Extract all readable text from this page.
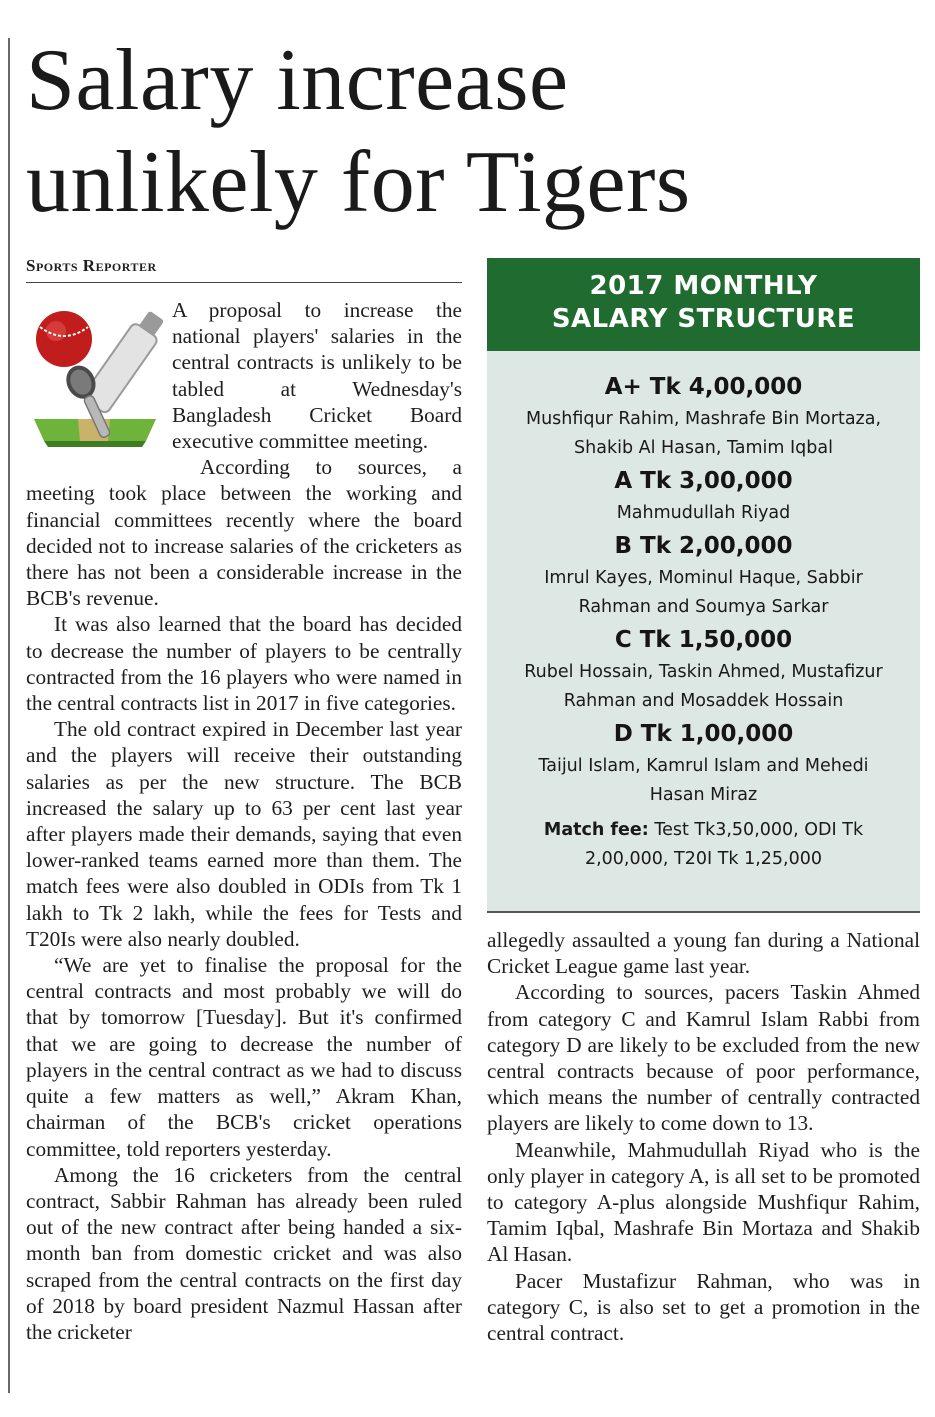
Salary increase
unlikely for Tigers
Sports Reporter

A proposal to increase the national players' salaries in the central contracts is unlikely to be tabled at Wednesday's Bangladesh Cricket Board executive committee meeting.

According to sources, a meeting took place between the working and financial committees recently where the board decided not to increase salaries of the cricketers as there has not been a considerable increase in the BCB's revenue.

It was also learned that the board has decided to decrease the number of players to be centrally contracted from the 16 players who were named in the central contracts list in 2017 in five categories.

The old contract expired in December last year and the players will receive their outstanding salaries as per the new structure. The BCB increased the salary up to 63 per cent last year after players made their demands, saying that even lower-ranked teams earned more than them. The match fees were also doubled in ODIs from Tk 1 lakh to Tk 2 lakh, while the fees for Tests and T20Is were also nearly doubled.

“We are yet to finalise the proposal for the central contracts and most probably we will do that by tomorrow [Tuesday]. But it's confirmed that we are going to decrease the number of players in the central contract as we had to discuss quite a few matters as well,” Akram Khan, chairman of the BCB's cricket operations committee, told reporters yesterday.

Among the 16 cricketers from the central contract, Sabbir Rahman has already been ruled out of the new contract after being handed a six-month ban from domestic cricket and was also scraped from the central contracts on the first day of 2018 by board president Nazmul Hassan after the cricketer

2017 MONTHLY
SALARY STRUCTURE
A+ Tk 4,00,000
Mushfiqur Rahim, Mashrafe Bin Mortaza, Shakib Al Hasan, Tamim Iqbal
A Tk 3,00,000
Mahmudullah Riyad
B Tk 2,00,000
Imrul Kayes, Mominul Haque, Sabbir Rahman and Soumya Sarkar
C Tk 1,50,000
Rubel Hossain, Taskin Ahmed, Mustafizur Rahman and Mosaddek Hossain
D Tk 1,00,000
Taijul Islam, Kamrul Islam and Mehedi Hasan Miraz
Match fee: Test Tk3,50,000, ODI Tk 2,00,000, T20I Tk 1,25,000

allegedly assaulted a young fan during a National Cricket League game last year.

According to sources, pacers Taskin Ahmed from category C and Kamrul Islam Rabbi from category D are likely to be excluded from the new central contracts because of poor performance, which means the number of centrally contracted players are likely to come down to 13.

Meanwhile, Mahmudullah Riyad who is the only player in category A, is all set to be promoted to category A-plus alongside Mushfiqur Rahim, Tamim Iqbal, Mashrafe Bin Mortaza and Shakib Al Hasan.

Pacer Mustafizur Rahman, who was in category C, is also set to get a promotion in the central contract.
